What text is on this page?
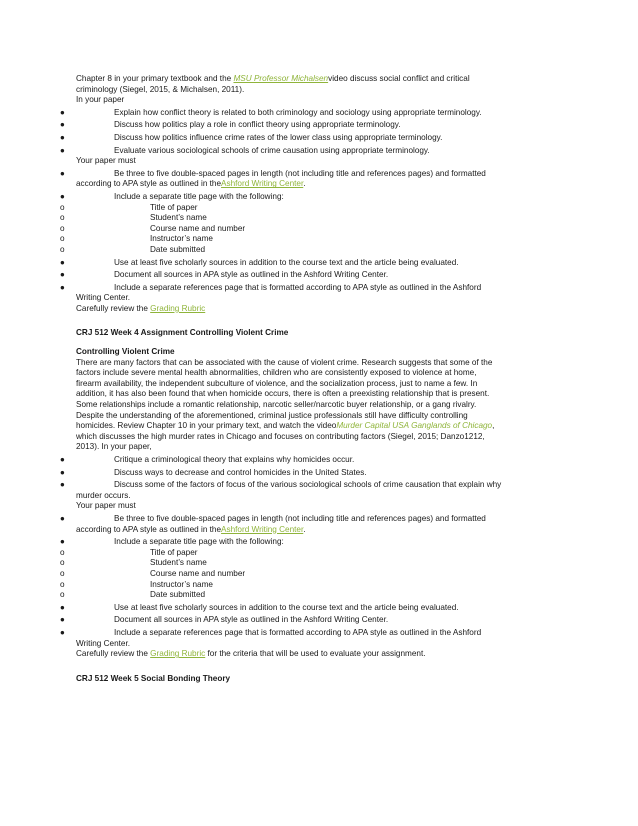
Chapter 8 in your primary textbook and the MSU Professor Michalsenvideo discuss social conflict and critical
criminology (Siegel, 2015, & Michalsen, 2011).
In your paper
●	Explain how conflict theory is related to both criminology and sociology using appropriate terminology.
●	Discuss how politics play a role in conflict theory using appropriate terminology.
●	Discuss how politics influence crime rates of the lower class using appropriate terminology.
●	Evaluate various sociological schools of crime causation using appropriate terminology.
Your paper must
●	Be three to five double-spaced pages in length (not including title and references pages) and formatted
according to APA style as outlined in theAshford Writing Center.
●	Include a separate title page with the following:
o	Title of paper
o	Student’s name
o	Course name and number
o	Instructor’s name
o	Date submitted
●	Use at least five scholarly sources in addition to the course text and the article being evaluated.
●	Document all sources in APA style as outlined in the Ashford Writing Center.
●	Include a separate references page that is formatted according to APA style as outlined in the Ashford
Writing Center.
Carefully review the Grading Rubric
CRJ 512 Week 4 Assignment Controlling Violent Crime
Controlling Violent Crime
There are many factors that can be associated with the cause of violent crime. Research suggests that some of the
factors include severe mental health abnormalities, children who are consistently exposed to violence at home,
firearm availability, the independent subculture of violence, and the socialization process, just to name a few. In
addition, it has also been found that when homicide occurs, there is often a preexisting relationship that is present.
Some relationships include a romantic relationship, narcotic seller/narcotic buyer relationship, or a gang rivalry.
Despite the understanding of the aforementioned, criminal justice professionals still have difficulty controlling
homicides. Review Chapter 10 in your primary text, and watch the videoMurder Capital USA Ganglands of Chicago,
which discusses the high murder rates in Chicago and focuses on contributing factors (Siegel, 2015; Danzo1212,
2013). In your paper,
●	Critique a criminological theory that explains why homicides occur.
●	Discuss ways to decrease and control homicides in the United States.
●	Discuss some of the factors of focus of the various sociological schools of crime causation that explain why
murder occurs.
Your paper must
●	Be three to five double-spaced pages in length (not including title and references pages) and formatted
according to APA style as outlined in theAshford Writing Center.
●	Include a separate title page with the following:
o	Title of paper
o	Student’s name
o	Course name and number
o	Instructor’s name
o	Date submitted
●	Use at least five scholarly sources in addition to the course text and the article being evaluated.
●	Document all sources in APA style as outlined in the Ashford Writing Center.
●	Include a separate references page that is formatted according to APA style as outlined in the Ashford
Writing Center.
Carefully review the Grading Rubric for the criteria that will be used to evaluate your assignment.
CRJ 512 Week 5 Social Bonding Theory
